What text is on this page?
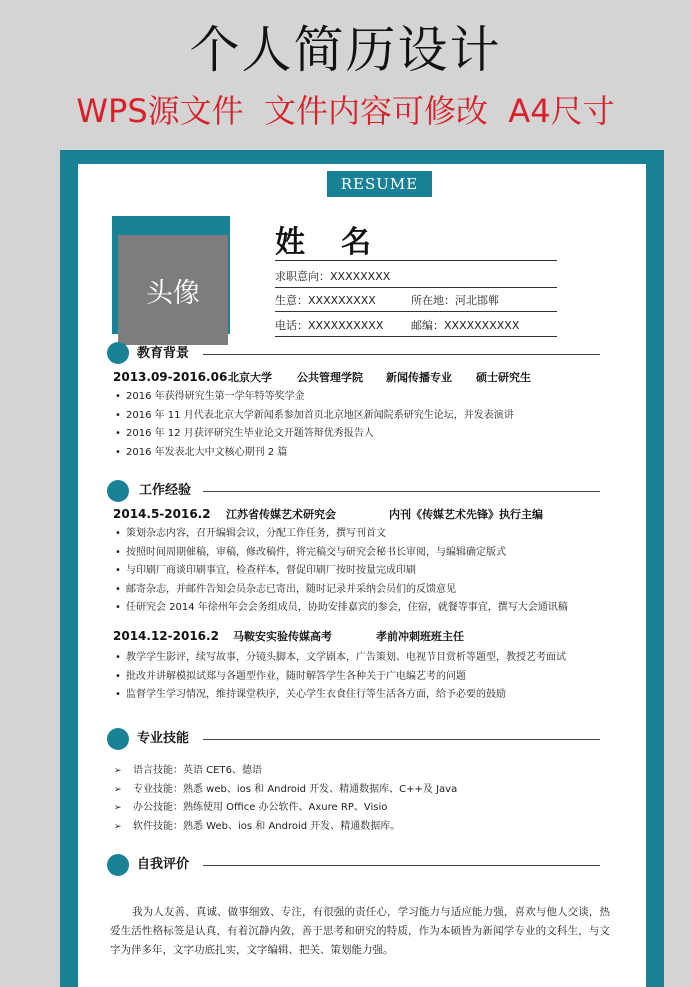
个人简历设计
WPS源文件  文件内容可修改  A4尺寸
RESUME
头像
姓名
求职意向：XXXXXXXX
生意：XXXXXXXXX	所在地：河北邯郸
电话：XXXXXXXXXX	邮编：XXXXXXXXXX
教育背景
2013.09-2016.06 北京大学 公共管理学院 新闻传播专业 硕士研究生
• 2016 年获得研究生第一学年特等奖学金
• 2016 年 11 月代表北京大学新闻系参加首页北京地区新闻院系研究生论坛，并发表演讲
• 2016 年 12 月获评研究生毕业论文开题答辩优秀报告人
• 2016 年发表北大中文核心期刊 2 篇
工作经验
2014.5-2016.2 江苏省传媒艺术研究会	内刊《传媒艺术先锋》执行主编
• 策划杂志内容，召开编辑会议，分配工作任务，撰写刊首文
• 按照时间周期催稿，审稿，修改稿件，将完稿交与研究会秘书长审阅，与编辑确定版式
• 与印刷厂商谈印刷事宜，检查样本，督促印刷厂按时按量完成印刷
• 邮寄杂志，并邮件告知会员杂志已寄出，随时记录并采纳会员们的反馈意见
• 任研究会 2014 年徐州年会会务组成员，协助安排嘉宾的参会，住宿，就餐等事宜，撰写大会通讯稿
2014.12-2016.2 马鞍安实验传媒高考	孝前冲刺班班主任
• 教学学生影评，续写故事，分镜头脚本，文学剧本，广告策划、电视节目赏析等题型，教授艺考面试
• 批改并讲解模拟试郑与各题型作业，随时解答学生各种关于广电编艺考的问题
• 监督学生学习情况，维持课堂秩序，关心学生衣食住行等生活各方面，给予必要的鼓励
专业技能
➢ 语言技能：英语 CET6、德语
➢ 专业技能：熟悉 web、ios 和 Android 开发、精通数据库、C++及 Java
➢ 办公技能：熟练使用 Office 办公软件、Axure RP、Visio
➢ 软件技能：熟悉 Web、ios 和 Android 开发、精通数据库。
自我评价
我为人友善、真诚、做事细致、专注，有很强的责任心，学习能力与适应能力强，喜欢与他人交谈，热爱生活性格标签是认真，有着沉静内敛，善于思考和研究的特质，作为本硕皆为新闻学专业的文科生，与文字为伴多年，文字功底扎实，文字编辑、把关、策划能力强。
